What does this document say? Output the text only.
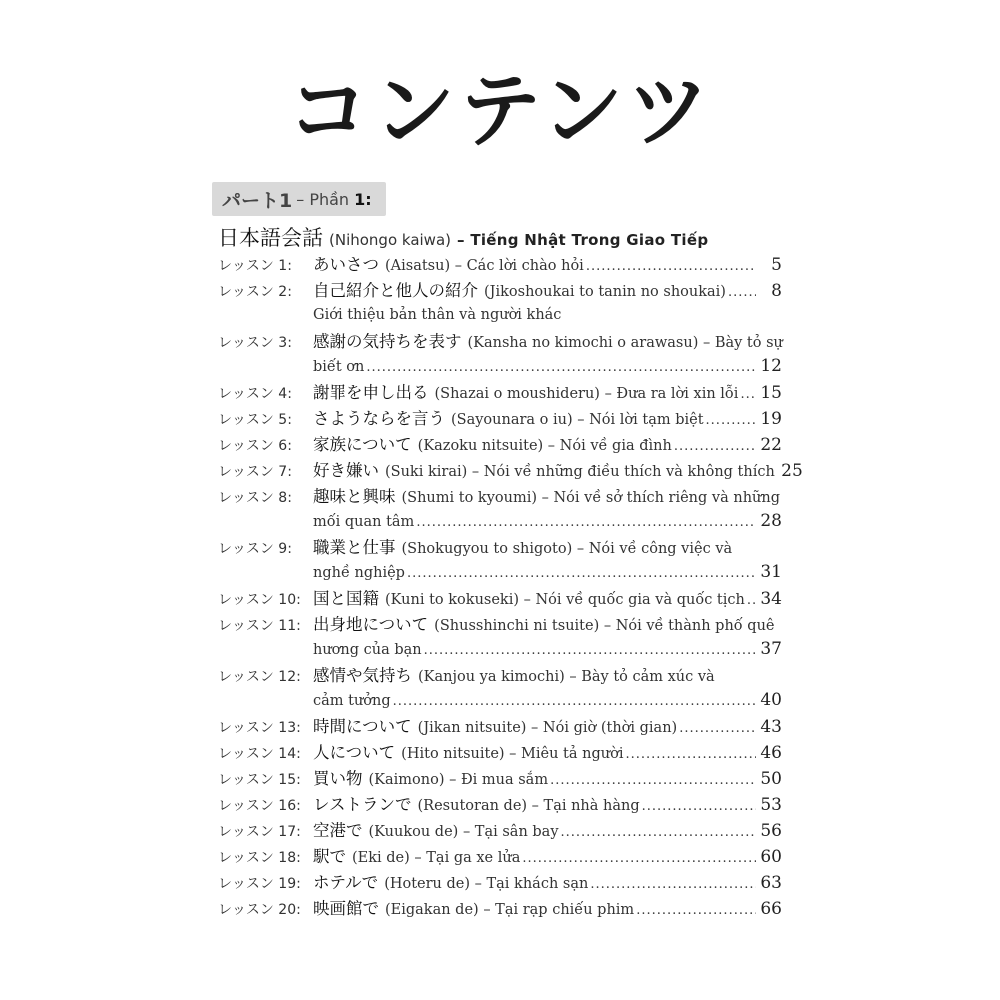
コンテンツ
パート1 – Phần 1:
日本語会話 (Nihongo kaiwa) – Tiếng Nhật Trong Giao Tiếp
レッスン 1:	あいさつ (Aisatsu) – Các lời chào hỏi .....	5
レッスン 2:	自己紹介と他人の紹介 (Jikoshoukai to tanin no shoukai) .....	8
Giới thiệu bản thân và người khác
レッスン 3:	感謝の気持ちを表す (Kansha no kimochi o arawasu) – Bày tỏ sự
biết ơn .....	12
レッスン 4:	謝罪を申し出る (Shazai o moushideru) – Đưa ra lời xin lỗi ..... 15
レッスン 5:	さようならを言う (Sayounara o iu) – Nói lời tạm biệt .....	19
レッスン 6:	家族について (Kazoku nitsuite) – Nói về gia đình .....	22
レッスン 7:	好き嫌い (Suki kirai) – Nói về những điều thích và không thích 25
レッスン 8:	趣味と興味 (Shumi to kyoumi) – Nói về sở thích riêng và những
mối quan tâm .....	28
レッスン 9:	職業と仕事 (Shokugyou to shigoto) – Nói về công việc và
nghề nghiệp .....	31
レッスン 10: 国と国籍 (Kuni to kokuseki) – Nói về quốc gia và quốc tịch ..... 34
レッスン 11: 出身地について (Shusshinchi ni tsuite) – Nói về thành phố quê
hương của bạn .....	37
レッスン 12: 感情や気持ち (Kanjou ya kimochi) – Bày tỏ cảm xúc và
cảm tưởng .....	40
レッスン 13: 時間について (Jikan nitsuite) – Nói giờ (thời gian) .....	43
レッスン 14: 人について (Hito nitsuite) – Miêu tả người .....	46
レッスン 15: 買い物 (Kaimono) – Đi mua sắm .....	50
レッスン 16: レストランで (Resutoran de) – Tại nhà hàng .....	53
レッスン 17: 空港で (Kuukou de) – Tại sân bay .....	56
レッスン 18: 駅で (Eki de) – Tại ga xe lửa .....	60
レッスン 19: ホテルで (Hoteru de) – Tại khách sạn .....	63
レッスン 20: 映画館で (Eigakan de) – Tại rạp chiếu phim .....	66
